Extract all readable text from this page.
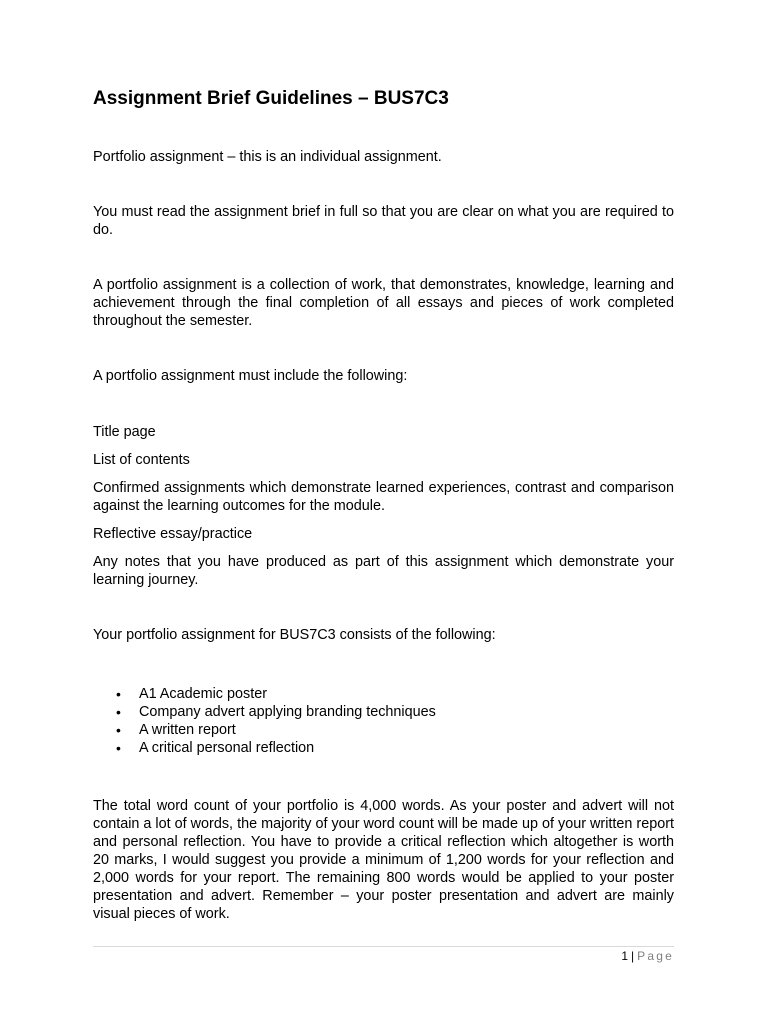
Assignment Brief Guidelines – BUS7C3

Portfolio assignment – this is an individual assignment.

You must read the assignment brief in full so that you are clear on what you are required to do.

A portfolio assignment is a collection of work, that demonstrates, knowledge, learning and achievement through the final completion of all essays and pieces of work completed throughout the semester.

A portfolio assignment must include the following:

Title page

List of contents

Confirmed assignments which demonstrate learned experiences, contrast and comparison against the learning outcomes for the module.

Reflective essay/practice

Any notes that you have produced as part of this assignment which demonstrate your learning journey.

Your portfolio assignment for BUS7C3 consists of the following:

• A1 Academic poster
• Company advert applying branding techniques
• A written report
• A critical personal reflection

The total word count of your portfolio is 4,000 words. As your poster and advert will not contain a lot of words, the majority of your word count will be made up of your written report and personal reflection. You have to provide a critical reflection which altogether is worth 20 marks, I would suggest you provide a minimum of 1,200 words for your reflection and 2,000 words for your report. The remaining 800 words would be applied to your poster presentation and advert. Remember – your poster presentation and advert are mainly visual pieces of work.

1 | Page
